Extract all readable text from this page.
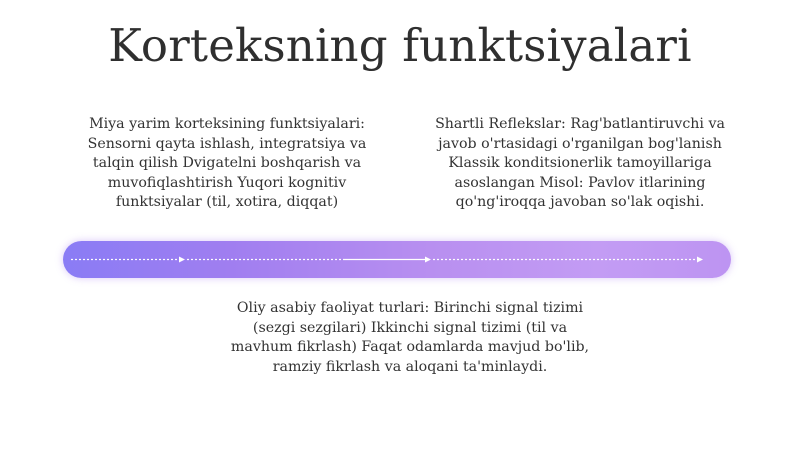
Korteksning funktsiyalari
Miya yarim korteksining funktsiyalari: Sensorni qayta ishlash, integratsiya va talqin qilish Dvigatelni boshqarish va muvofiqlashtirish Yuqori kognitiv funktsiyalar (til, xotira, diqqat)
Shartli Reflekslar: Rag'batlantiruvchi va javob o'rtasidagi o'rganilgan bog'lanish Klassik konditsionerlik tamoyillariga asoslangan Misol: Pavlov itlarining qo'ng'iroqqa javoban so'lak oqishi.
Oliy asabiy faoliyat turlari: Birinchi signal tizimi (sezgi sezgilari) Ikkinchi signal tizimi (til va mavhum fikrlash) Faqat odamlarda mavjud bo'lib, ramziy fikrlash va aloqani ta'minlaydi.
